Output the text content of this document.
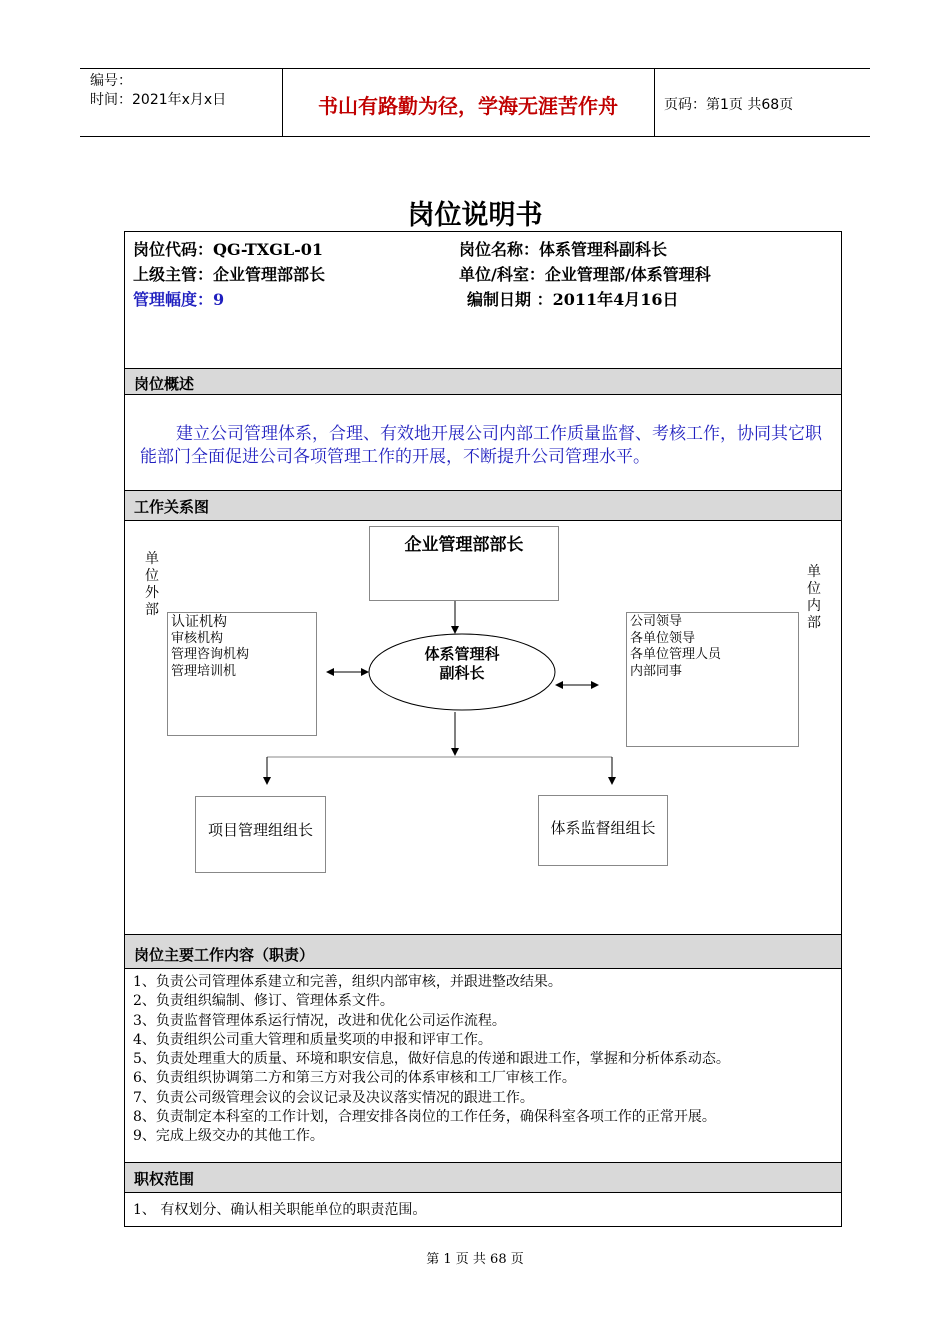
编号：
时间：2021年x月x日	书山有路勤为径，学海无涯苦作舟	页码：第1页 共68页
岗位说明书
岗位代码：QG-TXGL-01	岗位名称：体系管理科副科长
上级主管：企业管理部部长	单位/科室：企业管理部/体系管理科
管理幅度：9	编制日期 ：2011年4月16日
岗位概述
建立公司管理体系，合理、有效地开展公司内部工作质量监督、考核工作，协同其它职能部门全面促进公司各项管理工作的开展，不断提升公司管理水平。
工作关系图
企业管理部部长
体系管理科
副科长
单
位
外
部
单
位
内
部
认证机构
审核机构
管理咨询机构
管理培训机
公司领导
各单位领导
各单位管理人员
内部同事
项目管理组组长	体系监督组组长
岗位主要工作内容（职责）
1、负责公司管理体系建立和完善，组织内部审核，并跟进整改结果。
2、负责组织编制、修订、管理体系文件。
3、负责监督管理体系运行情况，改进和优化公司运作流程。
4、负责组织公司重大管理和质量奖项的申报和评审工作。
5、负责处理重大的质量、环境和职安信息，做好信息的传递和跟进工作，掌握和分析体系动态。
6、负责组织协调第二方和第三方对我公司的体系审核和工厂审核工作。
7、负责公司级管理会议的会议记录及决议落实情况的跟进工作。
8、负责制定本科室的工作计划，合理安排各岗位的工作任务，确保科室各项工作的正常开展。
9、完成上级交办的其他工作。
职权范围
1、 有权划分、确认相关职能单位的职责范围。
第 1 页 共 68 页
